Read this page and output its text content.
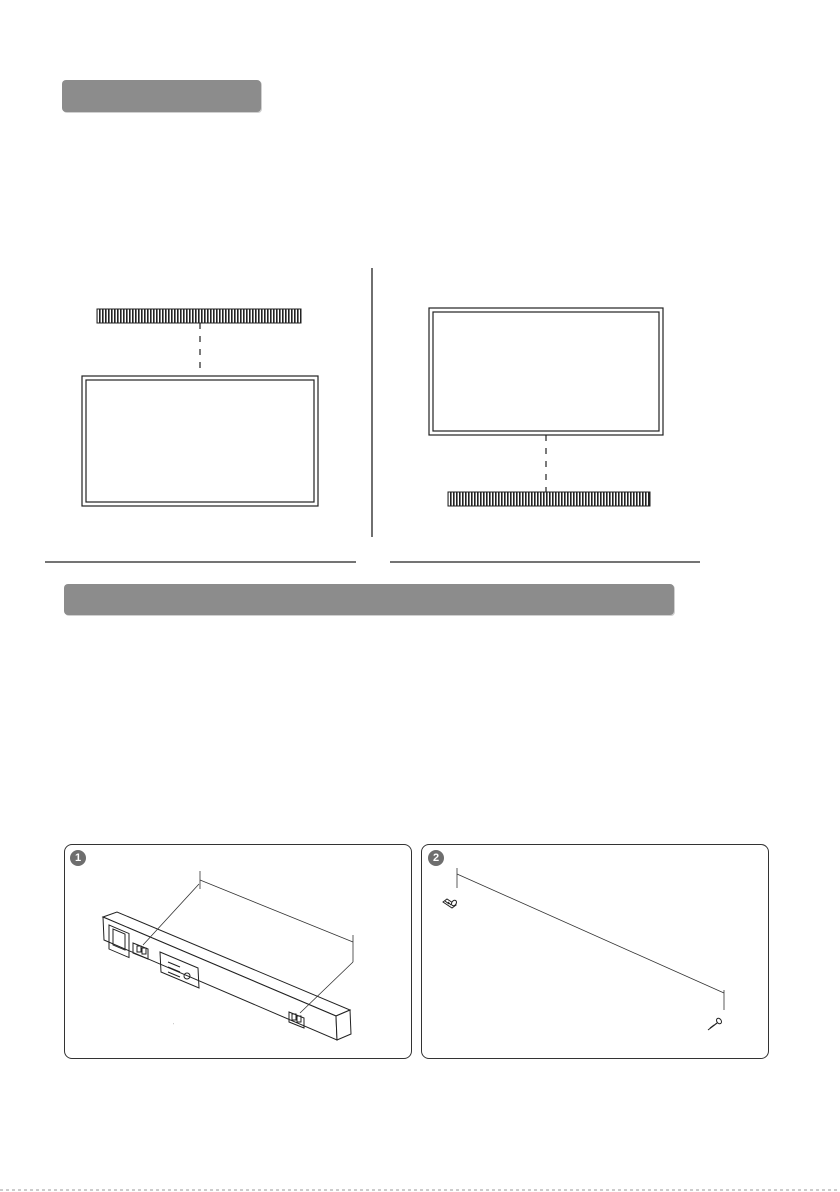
1
˙
2
